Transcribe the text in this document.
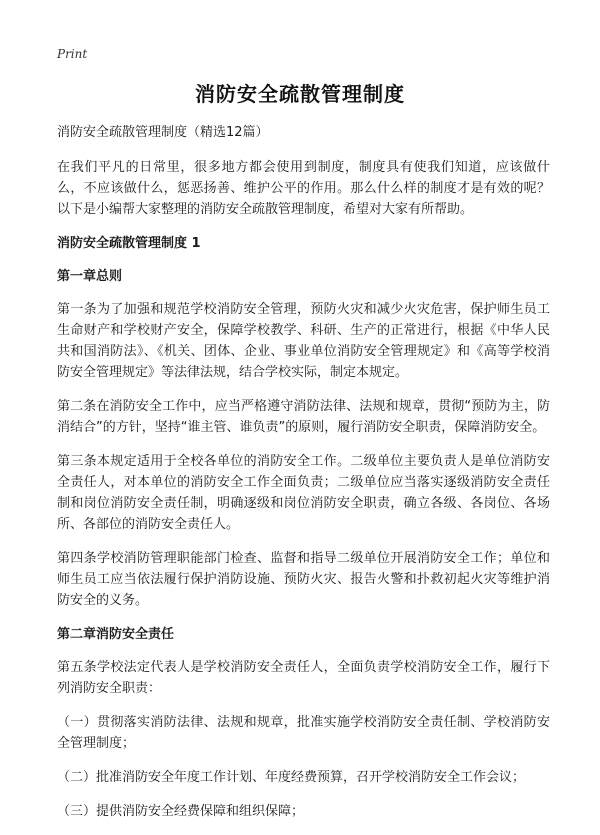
Print
消防安全疏散管理制度
消防安全疏散管理制度（精选12篇）

在我们平凡的日常里，很多地方都会使用到制度，制度具有使我们知道，应该做什么，不应该做什么，惩恶扬善、维护公平的作用。那么什么样的制度才是有效的呢？以下是小编帮大家整理的消防安全疏散管理制度，希望对大家有所帮助。

消防安全疏散管理制度 1
第一章总则

第一条为了加强和规范学校消防安全管理，预防火灾和减少火灾危害，保护师生员工生命财产和学校财产安全，保障学校教学、科研、生产的正常进行，根据《中华人民共和国消防法》、《机关、团体、企业、事业单位消防安全管理规定》和《高等学校消防安全管理规定》等法律法规，结合学校实际，制定本规定。

第二条在消防安全工作中，应当严格遵守消防法律、法规和规章，贯彻“预防为主，防消结合”的方针，坚持“谁主管、谁负责”的原则，履行消防安全职责，保障消防安全。

第三条本规定适用于全校各单位的消防安全工作。二级单位主要负责人是单位消防安全责任人，对本单位的消防安全工作全面负责；二级单位应当落实逐级消防安全责任制和岗位消防安全责任制，明确逐级和岗位消防安全职责，确立各级、各岗位、各场所、各部位的消防安全责任人。

第四条学校消防管理职能部门检查、监督和指导二级单位开展消防安全工作；单位和师生员工应当依法履行保护消防设施、预防火灾、报告火警和扑救初起火灾等维护消防安全的义务。

第二章消防安全责任

第五条学校法定代表人是学校消防安全责任人，全面负责学校消防安全工作，履行下列消防安全职责：

（一）贯彻落实消防法律、法规和规章，批准实施学校消防安全责任制、学校消防安全管理制度；

（二）批准消防安全年度工作计划、年度经费预算，召开学校消防安全工作会议；

（三）提供消防安全经费保障和组织保障；
